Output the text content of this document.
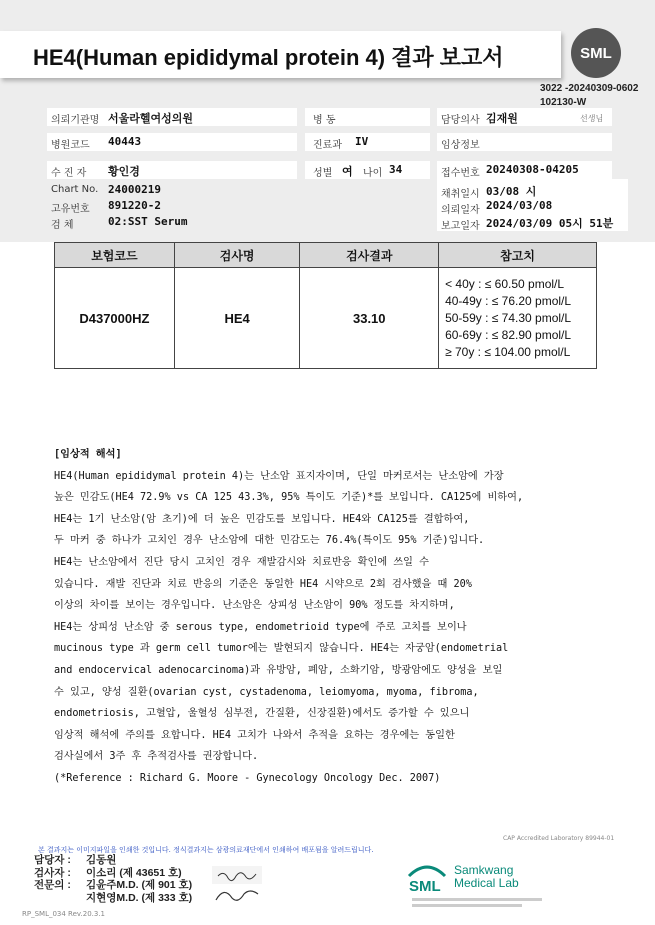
HE4(Human epididymal protein 4) 결과 보고서	SML
3022 -20240309-0602
102130-W
의뢰기관명 서울라헬여성의원	병 동	담당의사 김재원	선생님
병원코드 40443	진료과 IV	임상정보
수 진 자 황인경	성별 여 나이 34	접수번호 20240308-04205
Chart No. 24000219
고유번호 891220-2
검 체	02:SST Serum
채취일시 03/08 시
의뢰일자 2024/03/08
보고일자 2024/03/09 05시 51분
보험코드	검사명	검사결과	참고치
D437000HZ	HE4	33.10	< 40y : ≤ 60.50 pmol/L
40-49y : ≤ 76.20 pmol/L
50-59y : ≤ 74.30 pmol/L
60-69y : ≤ 82.90 pmol/L
≥ 70y : ≤ 104.00 pmol/L

[임상적 해석]

HE4(Human epididymal protein 4)는 난소암 표지자이며, 단일 마커로서는 난소암에 가장

높은 민감도(HE4 72.9% vs CA 125 43.3%, 95% 특이도 기준)*를 보입니다. CA125에 비하여,

HE4는 1기 난소암(암 초기)에 더 높은 민감도를 보입니다. HE4와 CA125를 결합하여,

두 마커 중 하나가 고치인 경우 난소암에 대한 민감도는 76.4%(특이도 95% 기준)입니다.

HE4는 난소암에서 진단 당시 고치인 경우 재발감시와 치료반응 확인에 쓰일 수

있습니다. 재발 진단과 치료 반응의 기준은 동일한 HE4 시약으로 2회 검사했을 때 20%

이상의 차이를 보이는 경우입니다. 난소암은 상피성 난소암이 90% 정도를 차지하며,

HE4는 상피성 난소암 중 serous type, endometrioid type에 주로 고치를 보이나

mucinous type 과 germ cell tumor에는 발현되지 않습니다. HE4는 자궁암(endometrial

and endocervical adenocarcinoma)과 유방암, 폐암, 소화기암, 방광암에도 양성을 보일

수 있고, 양성 질환(ovarian cyst, cystadenoma, leiomyoma, myoma, fibroma,

endometriosis, 고혈압, 울혈성 심부전, 간질환, 신장질환)에서도 증가할 수 있으니

임상적 해석에 주의를 요합니다. HE4 고치가 나와서 추적을 요하는 경우에는 동일한

검사실에서 3주 후 추적검사를 권장합니다.

(*Reference : Richard G. Moore - Gynecology Oncology Dec. 2007)

CAP Accredited Laboratory 89944-01
본 결과지는 이미지파일을 인쇄한 것입니다. 정식결과지는 삼광의료재단에서 인쇄하여 배포됨을 알려드립니다.
담당자 : 김동원
검사자 : 이소리 (제 43651 호)
전문의 : 김윤주M.D. (제 901 호)
지현영M.D. (제 333 호)
SML
Samkwang
Medical Lab
RP_SML_034 Rev.20.3.1
